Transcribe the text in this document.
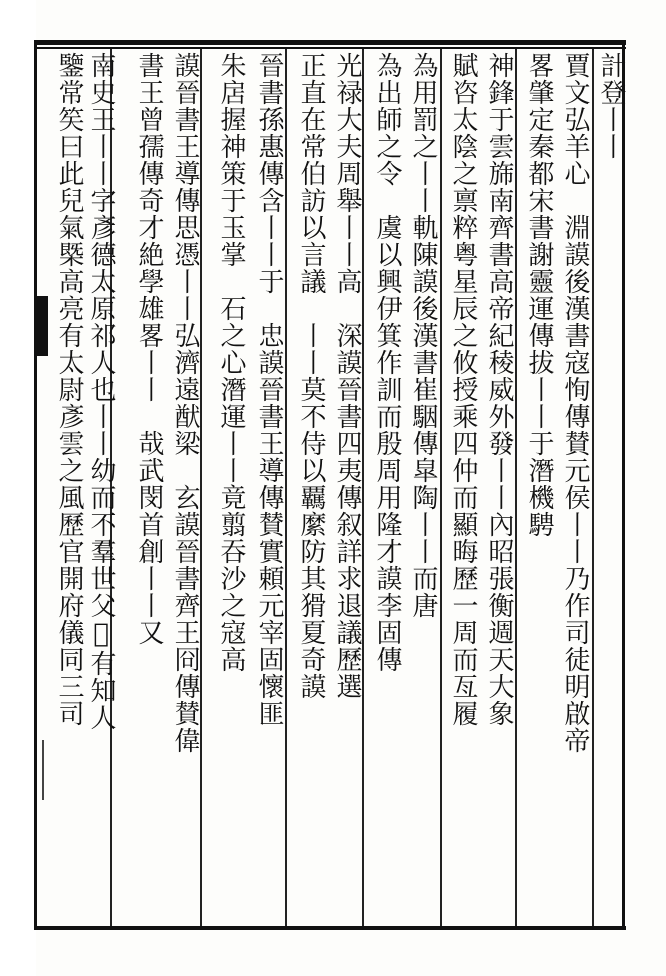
計登丨丨
賈文弘羊心　淵謨後漢書寇恂傳賛元侯丨丨乃作司徒明啟帝
畧肇定秦都宋書謝靈運傳拔丨丨于潛機騁
神鋒于雲旆南齊書高帝紀稜威外發丨丨內昭張衡週天大象
賦咨太陰之禀粹粤星辰之攸授乘四仲而顯晦歷一周而亙履
為用罰之丨丨軌陳謨後漢書崔駰傳皐陶丨丨而唐
為出師之令　虞以興伊箕作訓而殷周用隆才謨李固傳
光禄大夫周舉丨丨高　深謨晉書四夷傳叙詳求退議歷選
正直在常伯訪以言議　丨丨莫不侍以覊縻防其猾夏奇謨
晉書孫惠傳含丨丨于　忠謨晉書王導傳賛實頼元宰固懷匪
朱扂握神策于玉掌　石之心潛運丨丨竟翦吞沙之寇高
謨晉書王導傳思憑丨丨弘濟遠猷梁　玄謨晉書齊王冏傳賛偉
書王曾孺傳奇才絶學雄畧丨丨　哉武閔首創丨丨又
南史王丨丨字彥德太原祁人也丨丨幼而不羣世父𢿱有知人
鑒常笶曰此兒氣槩高亮有太尉彥雲之風歷官開府儀同三司
